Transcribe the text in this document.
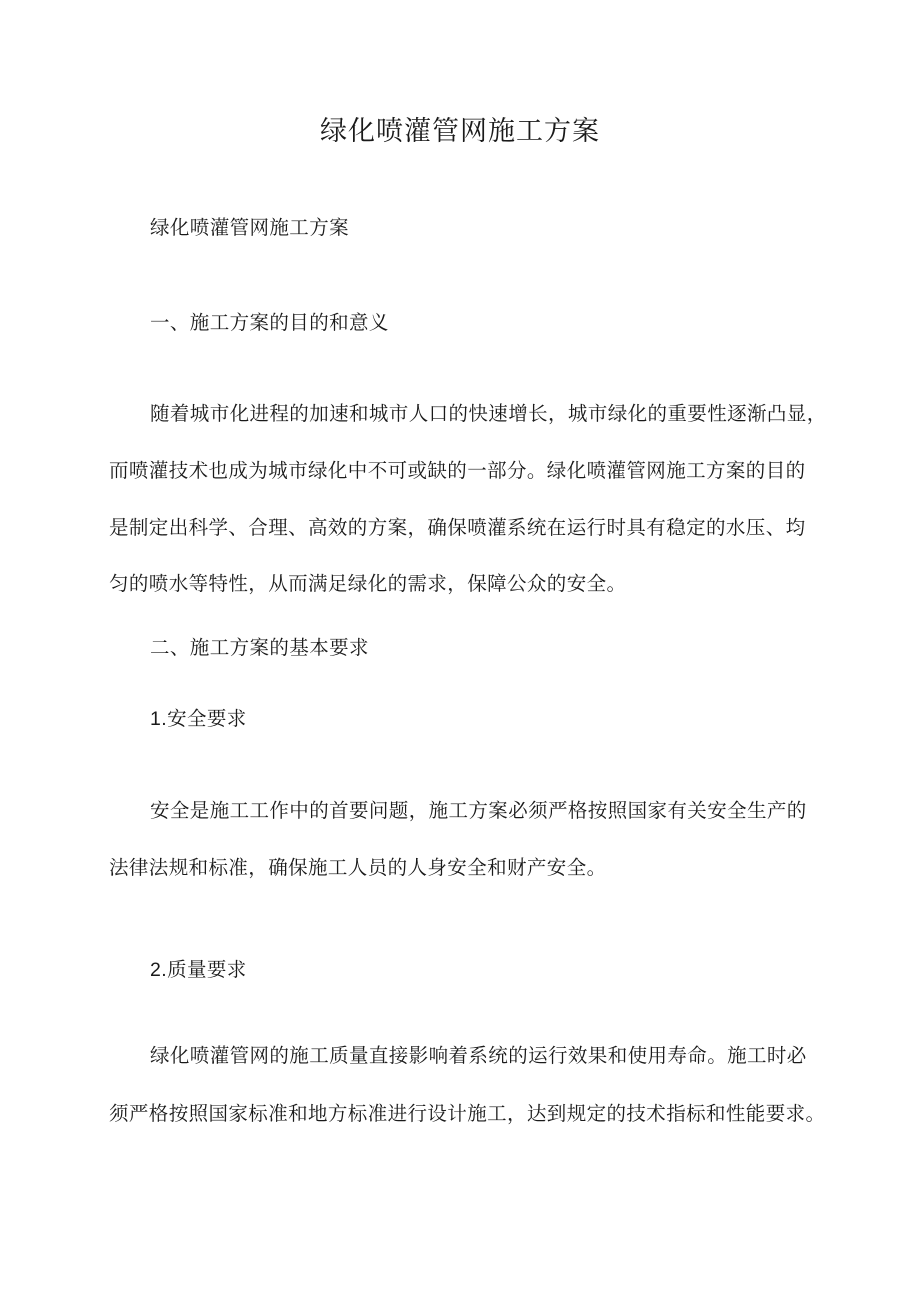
绿化喷灌管网施工方案

绿化喷灌管网施工方案

一、施工方案的目的和意义

随着城市化进程的加速和城市人口的快速增长，城市绿化的重要性逐渐凸显，

而喷灌技术也成为城市绿化中不可或缺的一部分。绿化喷灌管网施工方案的目的

是制定出科学、合理、高效的方案，确保喷灌系统在运行时具有稳定的水压、均

匀的喷水等特性，从而满足绿化的需求，保障公众的安全。

二、施工方案的基本要求

1.安全要求

安全是施工工作中的首要问题，施工方案必须严格按照国家有关安全生产的

法律法规和标准，确保施工人员的人身安全和财产安全。

2.质量要求

绿化喷灌管网的施工质量直接影响着系统的运行效果和使用寿命。施工时必

须严格按照国家标准和地方标准进行设计施工，达到规定的技术指标和性能要求。
